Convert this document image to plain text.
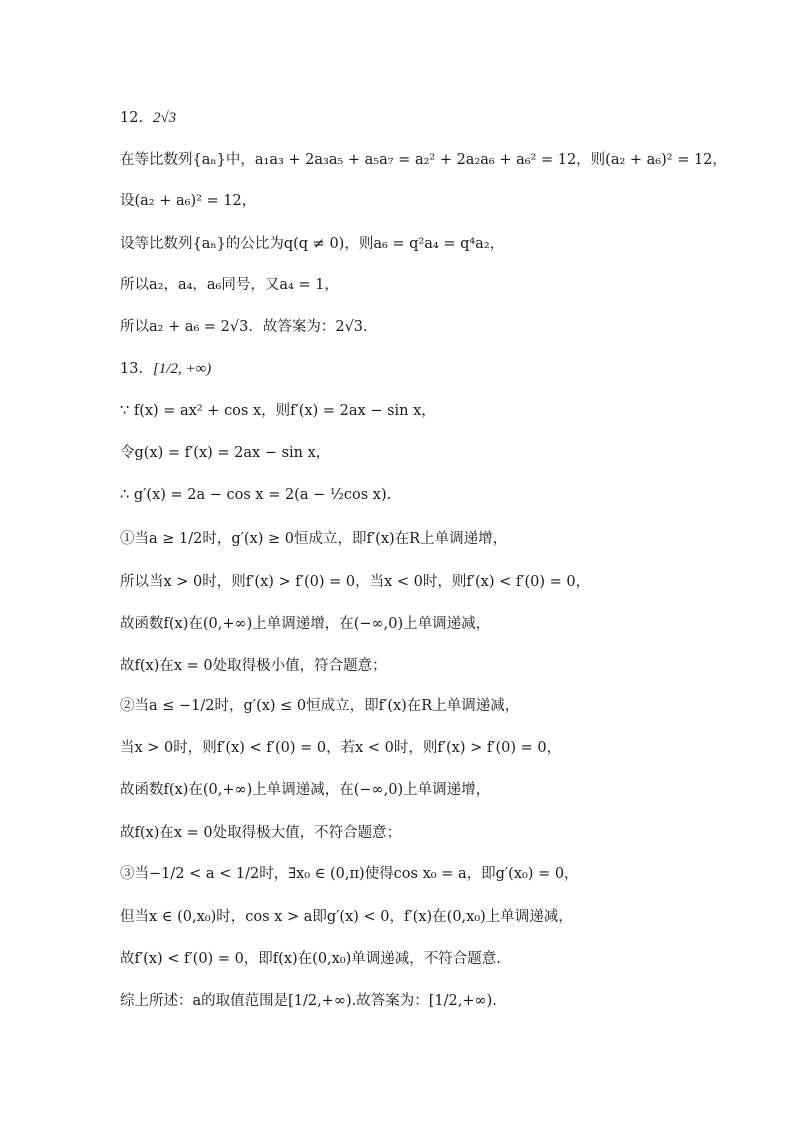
12．2√3
在等比数列{aₙ}中，a₁a₃ + 2a₃a₅ + a₅a₇ = a₂² + 2a₂a₆ + a₆² = 12，则(a₂ + a₆)² = 12，
设(a₂ + a₆)² = 12，
设等比数列{aₙ}的公比为q(q ≠ 0)，则a₆ = q²a₄ = q⁴a₂，
所以a₂，a₄，a₆同号，又a₄ = 1，
所以a₂ + a₆ = 2√3．故答案为：2√3．
13．[1/2, +∞)
∵ f(x) = ax² + cos x，则f′(x) = 2ax − sin x，
令g(x) = f′(x) = 2ax − sin x，
∴ g′(x) = 2a − cos x = 2(a − ½cos x).
①当a ≥ 1/2时，g′(x) ≥ 0恒成立，即f′(x)在R上单调递增，
所以当x > 0时，则f′(x) > f′(0) = 0，当x < 0时，则f′(x) < f′(0) = 0，
故函数f(x)在(0,+∞)上单调递增，在(−∞,0)上单调递减，
故f(x)在x = 0处取得极小值，符合题意；
②当a ≤ −1/2时，g′(x) ≤ 0恒成立，即f′(x)在R上单调递减，
当x > 0时，则f′(x) < f′(0) = 0，若x < 0时，则f′(x) > f′(0) = 0，
故函数f(x)在(0,+∞)上单调递减，在(−∞,0)上单调递增，
故f(x)在x = 0处取得极大值，不符合题意；
③当−1/2 < a < 1/2时，∃x₀ ∈ (0,π)使得cos x₀ = a，即g′(x₀) = 0，
但当x ∈ (0,x₀)时，cos x > a即g′(x) < 0，f′(x)在(0,x₀)上单调递减，
故f′(x) < f′(0) = 0，即f(x)在(0,x₀)单调递减，不符合题意.
综上所述：a的取值范围是[1/2,+∞).故答案为：[1/2,+∞).
